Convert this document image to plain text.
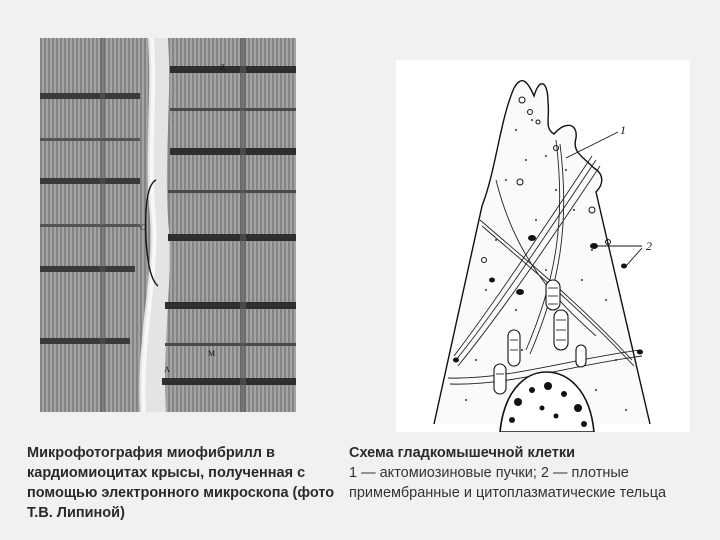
Z
M
A
C
1
2
Микрофотография миофибрилл в кардиомиоцитах крысы, полученная с помощью электронного микроскопа (фото Т.В. Липиной)
Схема гладкомышечной клетки
1 — актомиозиновые пучки; 2 — плотные примембранные и цитоплазматические тельца
